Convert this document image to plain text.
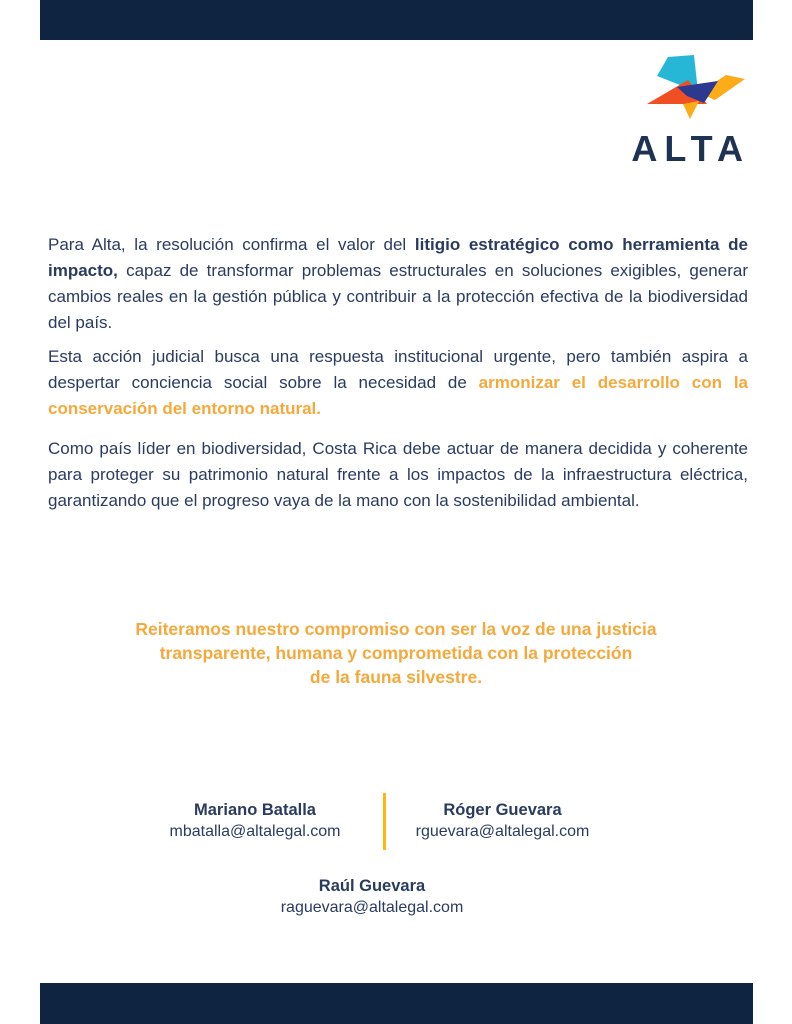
ALTA

Para Alta, la resolución confirma el valor del litigio estratégico como herramienta de impacto, capaz de transformar problemas estructurales en soluciones exigibles, generar cambios reales en la gestión pública y contribuir a la protección efectiva de la biodiversidad del país.

Esta acción judicial busca una respuesta institucional urgente, pero también aspira a despertar conciencia social sobre la necesidad de armonizar el desarrollo con la conservación del entorno natural.

Como país líder en biodiversidad, Costa Rica debe actuar de manera decidida y coherente para proteger su patrimonio natural frente a los impactos de la infraestructura eléctrica, garantizando que el progreso vaya de la mano con la sostenibilidad ambiental.

Reiteramos nuestro compromiso con ser la voz de una justicia
transparente, humana y comprometida con la protección
de la fauna silvestre.
Mariano Batalla
mbatalla@altalegal.com
Róger Guevara
rguevara@altalegal.com
Raúl Guevara
raguevara@altalegal.com
